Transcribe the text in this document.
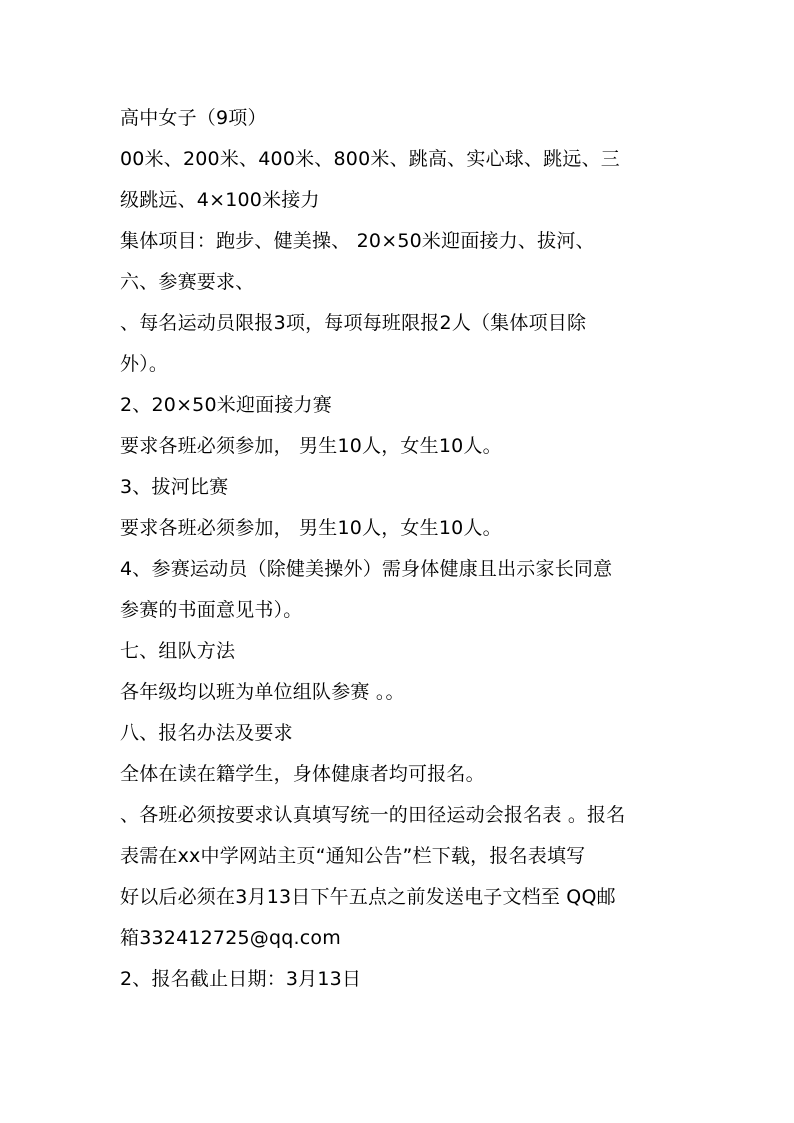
高中女子（9项）
00米、200米、400米、800米、跳高、实心球、跳远、三
级跳远、4×100米接力
集体项目：跑步、健美操、 20×50米迎面接力、拔河、
六、参赛要求、
、每名运动员限报3项，每项每班限报2人（集体项目除
外）。
2、20×50米迎面接力赛
要求各班必须参加， 男生10人，女生10人。
3、拔河比赛
要求各班必须参加， 男生10人，女生10人。
4、参赛运动员（除健美操外）需身体健康且出示家长同意
参赛的书面意见书）。
七、组队方法
各年级均以班为单位组队参赛 。。
八、报名办法及要求
全体在读在籍学生，身体健康者均可报名。
、各班必须按要求认真填写统一的田径运动会报名表 。报名
表需在xx中学网站主页“通知公告”栏下载，报名表填写
好以后必须在3月13日下午五点之前发送电子文档至 QQ邮
箱332412725@qq.com
2、报名截止日期：3月13日
